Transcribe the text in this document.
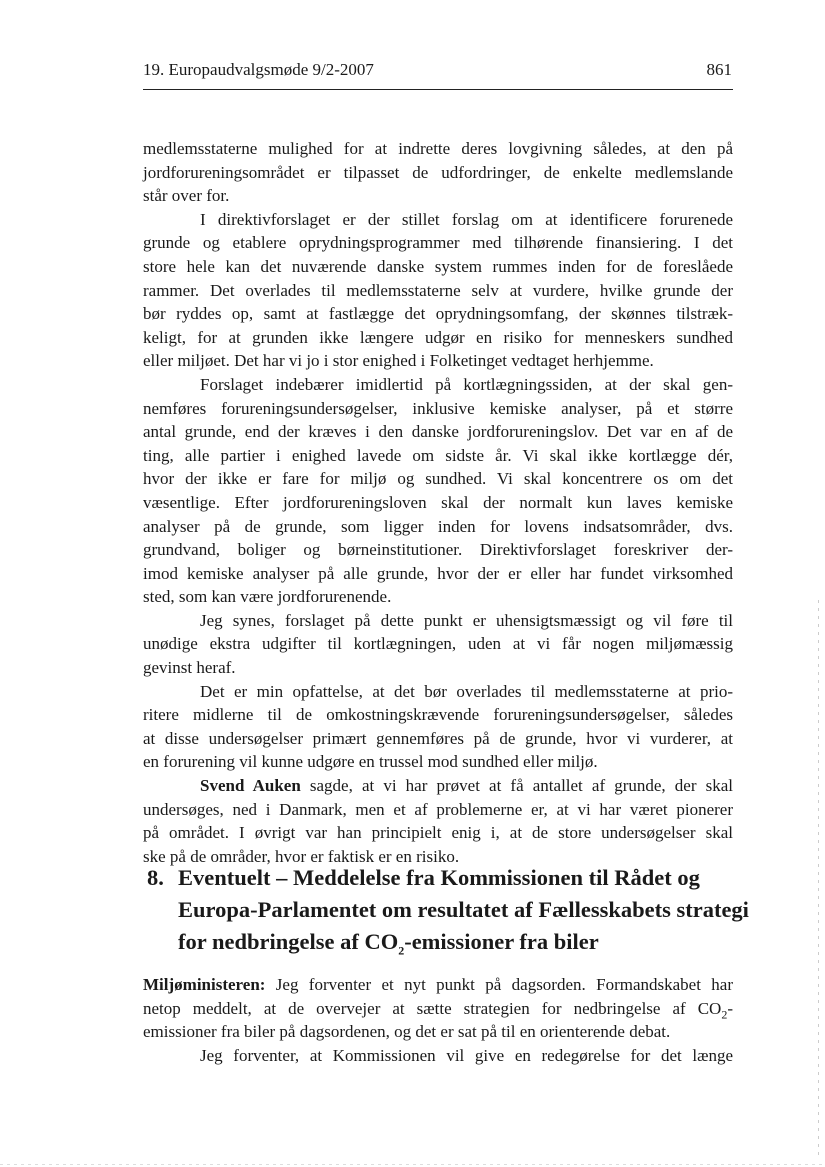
19. Europaudvalgsmøde 9/2-2007	861
medlemsstaterne mulighed for at indrette deres lovgivning således, at den på
jordforureningsområdet er tilpasset de udfordringer, de enkelte medlemslande
står over for.
I direktivforslaget er der stillet forslag om at identificere forurenede
grunde og etablere oprydningsprogrammer med tilhørende finansiering. I det
store hele kan det nuværende danske system rummes inden for de foreslåede
rammer. Det overlades til medlemsstaterne selv at vurdere, hvilke grunde der
bør ryddes op, samt at fastlægge det oprydningsomfang, der skønnes tilstræk-
keligt, for at grunden ikke længere udgør en risiko for menneskers sundhed
eller miljøet. Det har vi jo i stor enighed i Folketinget vedtaget herhjemme.
Forslaget indebærer imidlertid på kortlægningssiden, at der skal gen-
nemføres forureningsundersøgelser, inklusive kemiske analyser, på et større
antal grunde, end der kræves i den danske jordforureningslov. Det var en af de
ting, alle partier i enighed lavede om sidste år. Vi skal ikke kortlægge dér,
hvor der ikke er fare for miljø og sundhed. Vi skal koncentrere os om det
væsentlige. Efter jordforureningsloven skal der normalt kun laves kemiske
analyser på de grunde, som ligger inden for lovens indsatsområder, dvs.
grundvand, boliger og børneinstitutioner. Direktivforslaget foreskriver der-
imod kemiske analyser på alle grunde, hvor der er eller har fundet virksomhed
sted, som kan være jordforurenende.
Jeg synes, forslaget på dette punkt er uhensigtsmæssigt og vil føre til
unødige ekstra udgifter til kortlægningen, uden at vi får nogen miljømæssig
gevinst heraf.
Det er min opfattelse, at det bør overlades til medlemsstaterne at prio-
ritere midlerne til de omkostningskrævende forureningsundersøgelser, således
at disse undersøgelser primært gennemføres på de grunde, hvor vi vurderer, at
en forurening vil kunne udgøre en trussel mod sundhed eller miljø.
Svend Auken sagde, at vi har prøvet at få antallet af grunde, der skal
undersøges, ned i Danmark, men et af problemerne er, at vi har været pionerer
på området. I øvrigt var han principielt enig i, at de store undersøgelser skal
ske på de områder, hvor er faktisk er en risiko.
8. Eventuelt – Meddelelse fra Kommissionen til Rådet og
Europa-Parlamentet om resultatet af Fællesskabets strategi
for nedbringelse af $CO_2$-emissioner fra biler
Miljøministeren: Jeg forventer et nyt punkt på dagsorden. Formandskabet har
netop meddelt, at de overvejer at sætte strategien for nedbringelse af $CO_2-$
emissioner fra biler på dagsordenen, og det er sat på til en orienterende debat.
Jeg forventer, at Kommissionen vil give en redegørelse for det længe
